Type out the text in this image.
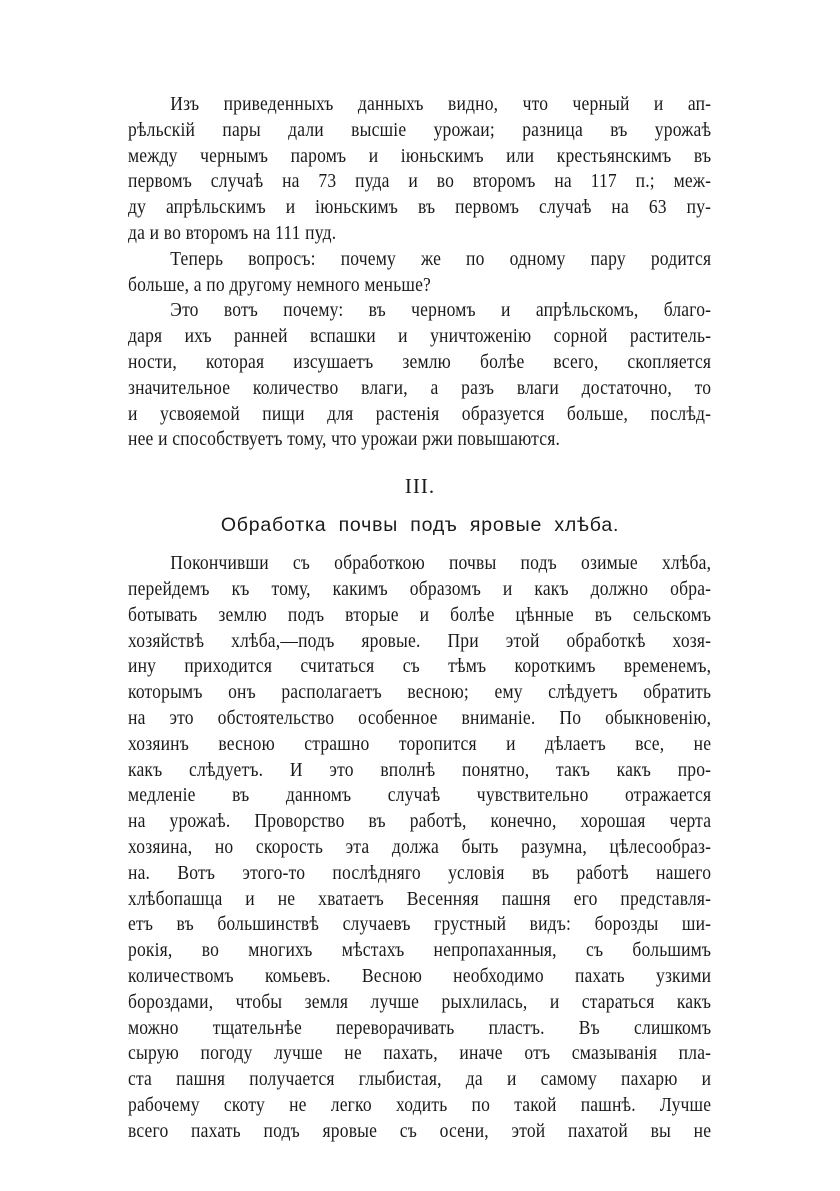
Изъ приведенныхъ данныхъ видно, что черный и ап-
рѣльскій пары дали высшіе урожаи; разница въ урожаѣ
между чернымъ паромъ и іюньскимъ или крестьянскимъ въ
первомъ случаѣ на 73 пуда и во второмъ на 117 п.; меж-
ду апрѣльскимъ и іюньскимъ въ первомъ случаѣ на 63 пу-
да и во второмъ на 111 пуд.
Теперь вопросъ: почему же по одному пару родится
больше, а по другому немного меньше?
Это вотъ почему: въ черномъ и апрѣльскомъ, благо-
даря ихъ ранней вспашки и уничтоженію сорной раститель-
ности, которая изсушаетъ землю болѣе всего, скопляется
значительное количество влаги, а разъ влаги достаточно, то
и усвояемой пищи для растенія образуется больше, послѣд-
нее и способствуетъ тому, что урожаи ржи повышаются.
III.
Обработка почвы подъ яровые хлѣба.
Покончивши съ обработкою почвы подъ озимые хлѣба,
перейдемъ къ тому, какимъ образомъ и какъ должно обра-
ботывать землю подъ вторые и болѣе цѣнные въ сельскомъ
хозяйствѣ хлѣба,—подъ яровые. При этой обработкѣ хозя-
ину приходится считаться съ тѣмъ короткимъ временемъ,
которымъ онъ располагаетъ весною; ему слѣдуетъ обратить
на это обстоятельство особенное вниманіе. По обыкновенію,
хозяинъ весною страшно торопится и дѣлаетъ все, не
какъ слѣдуетъ. И это вполнѣ понятно, такъ какъ про-
медленіе въ данномъ случаѣ чувствительно отражается
на урожаѣ. Проворство въ работѣ, конечно, хорошая черта
хозяина, но скорость эта должа быть разумна, цѣлесообраз-
на. Вотъ этого-то послѣдняго условія въ работѣ нашего
хлѣбопашца и не хватаетъ Весенняя пашня его представля-
етъ въ большинствѣ случаевъ грустный видъ: борозды ши-
рокія, во многихъ мѣстахъ непропаханныя, съ большимъ
количествомъ комьевъ. Весною необходимо пахать узкими
бороздами, чтобы земля лучше рыхлилась, и стараться какъ
можно тщательнѣе переворачивать пластъ. Въ слишкомъ
сырую погоду лучше не пахать, иначе отъ смазыванія пла-
ста пашня получается глыбистая, да и самому пахарю и
рабочему скоту не легко ходить по такой пашнѣ. Лучше
всего пахать подъ яровые съ осени, этой пахатой вы не
